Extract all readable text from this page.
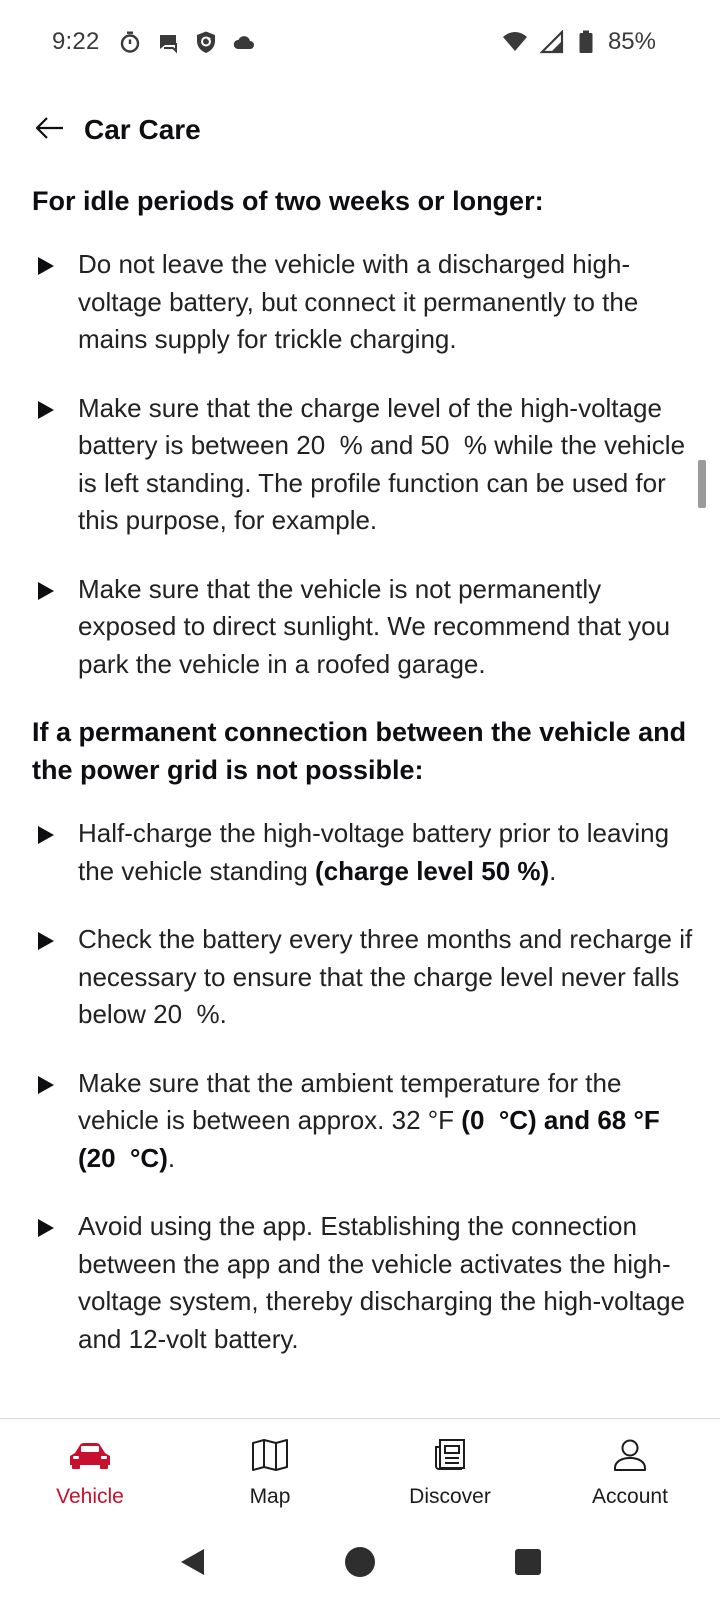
9:22	85%
Car Care
For idle periods of two weeks or longer:
Do not leave the vehicle with a discharged high-voltage battery, but connect it permanently to the mains supply for trickle charging.
Make sure that the charge level of the high-voltage battery is between 20  % and 50  % while the vehicle is left standing. The profile function can be used for this purpose, for example.
Make sure that the vehicle is not permanently exposed to direct sunlight. We recommend that you park the vehicle in a roofed garage.
If a permanent connection between the vehicle and the power grid is not possible:
Half-charge the high-voltage battery prior to leaving the vehicle standing (charge level 50 %).
Check the battery every three months and recharge if necessary to ensure that the charge level never falls below 20  %.
Make sure that the ambient temperature for the vehicle is between approx. 32 °F (0  °C) and 68 °F (20  °C).
Avoid using the app. Establishing the connection between the app and the vehicle activates the high-voltage system, thereby discharging the high-voltage and 12-volt battery.
Vehicle	Map	Discover	Account
